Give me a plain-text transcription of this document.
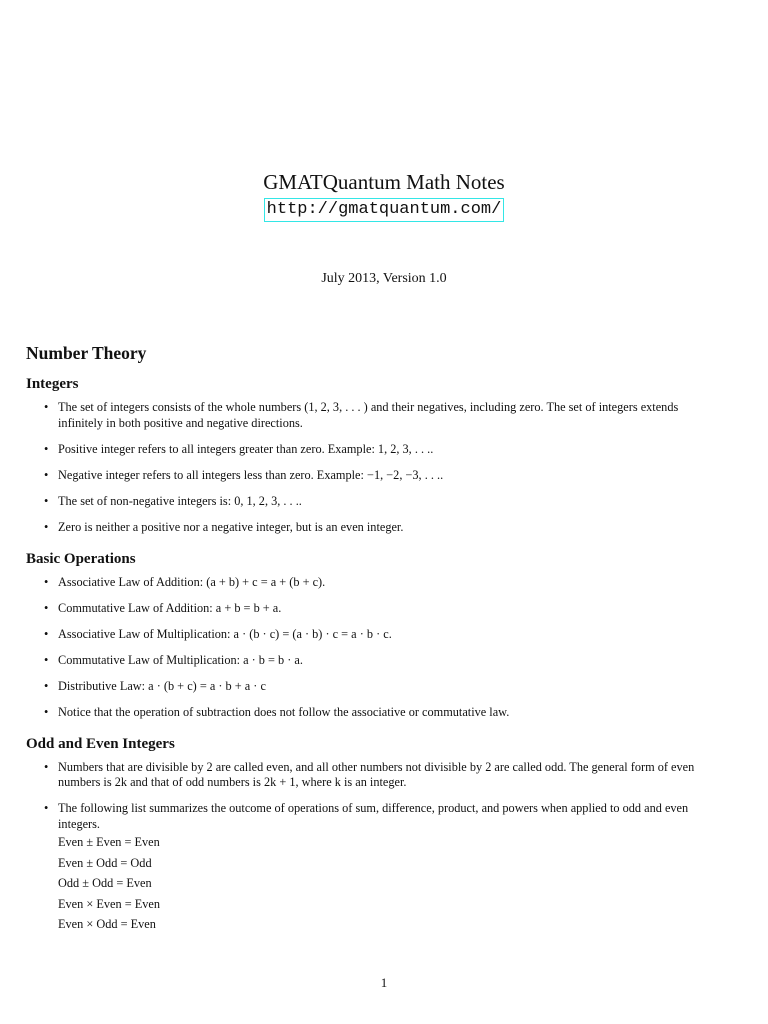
GMATQuantum Math Notes
http://gmatquantum.com/
July 2013, Version 1.0
Number Theory
Integers
• The set of integers consists of the whole numbers (1, 2, 3, . . . ) and their negatives, including zero. The set of integers extends infinitely in both positive and negative directions.
• Positive integer refers to all integers greater than zero. Example: 1, 2, 3, . . ..
• Negative integer refers to all integers less than zero. Example: −1, −2, −3, . . ..
• The set of non-negative integers is: 0, 1, 2, 3, . . ..
• Zero is neither a positive nor a negative integer, but is an even integer.
Basic Operations
• Associative Law of Addition: (a + b) + c = a + (b + c).
• Commutative Law of Addition: a + b = b + a.
• Associative Law of Multiplication: a · (b · c) = (a · b) · c = a · b · c.
• Commutative Law of Multiplication: a · b = b · a.
• Distributive Law: a · (b + c) = a · b + a · c
• Notice that the operation of subtraction does not follow the associative or commutative law.
Odd and Even Integers
• Numbers that are divisible by 2 are called even, and all other numbers not divisible by 2 are called odd. The general form of even numbers is 2k and that of odd numbers is 2k + 1, where k is an integer.
• The following list summarizes the outcome of operations of sum, difference, product, and powers when applied to odd and even integers.
Even ± Even = Even
Even ± Odd = Odd
Odd ± Odd = Even
Even × Even = Even
Even × Odd = Even
1
